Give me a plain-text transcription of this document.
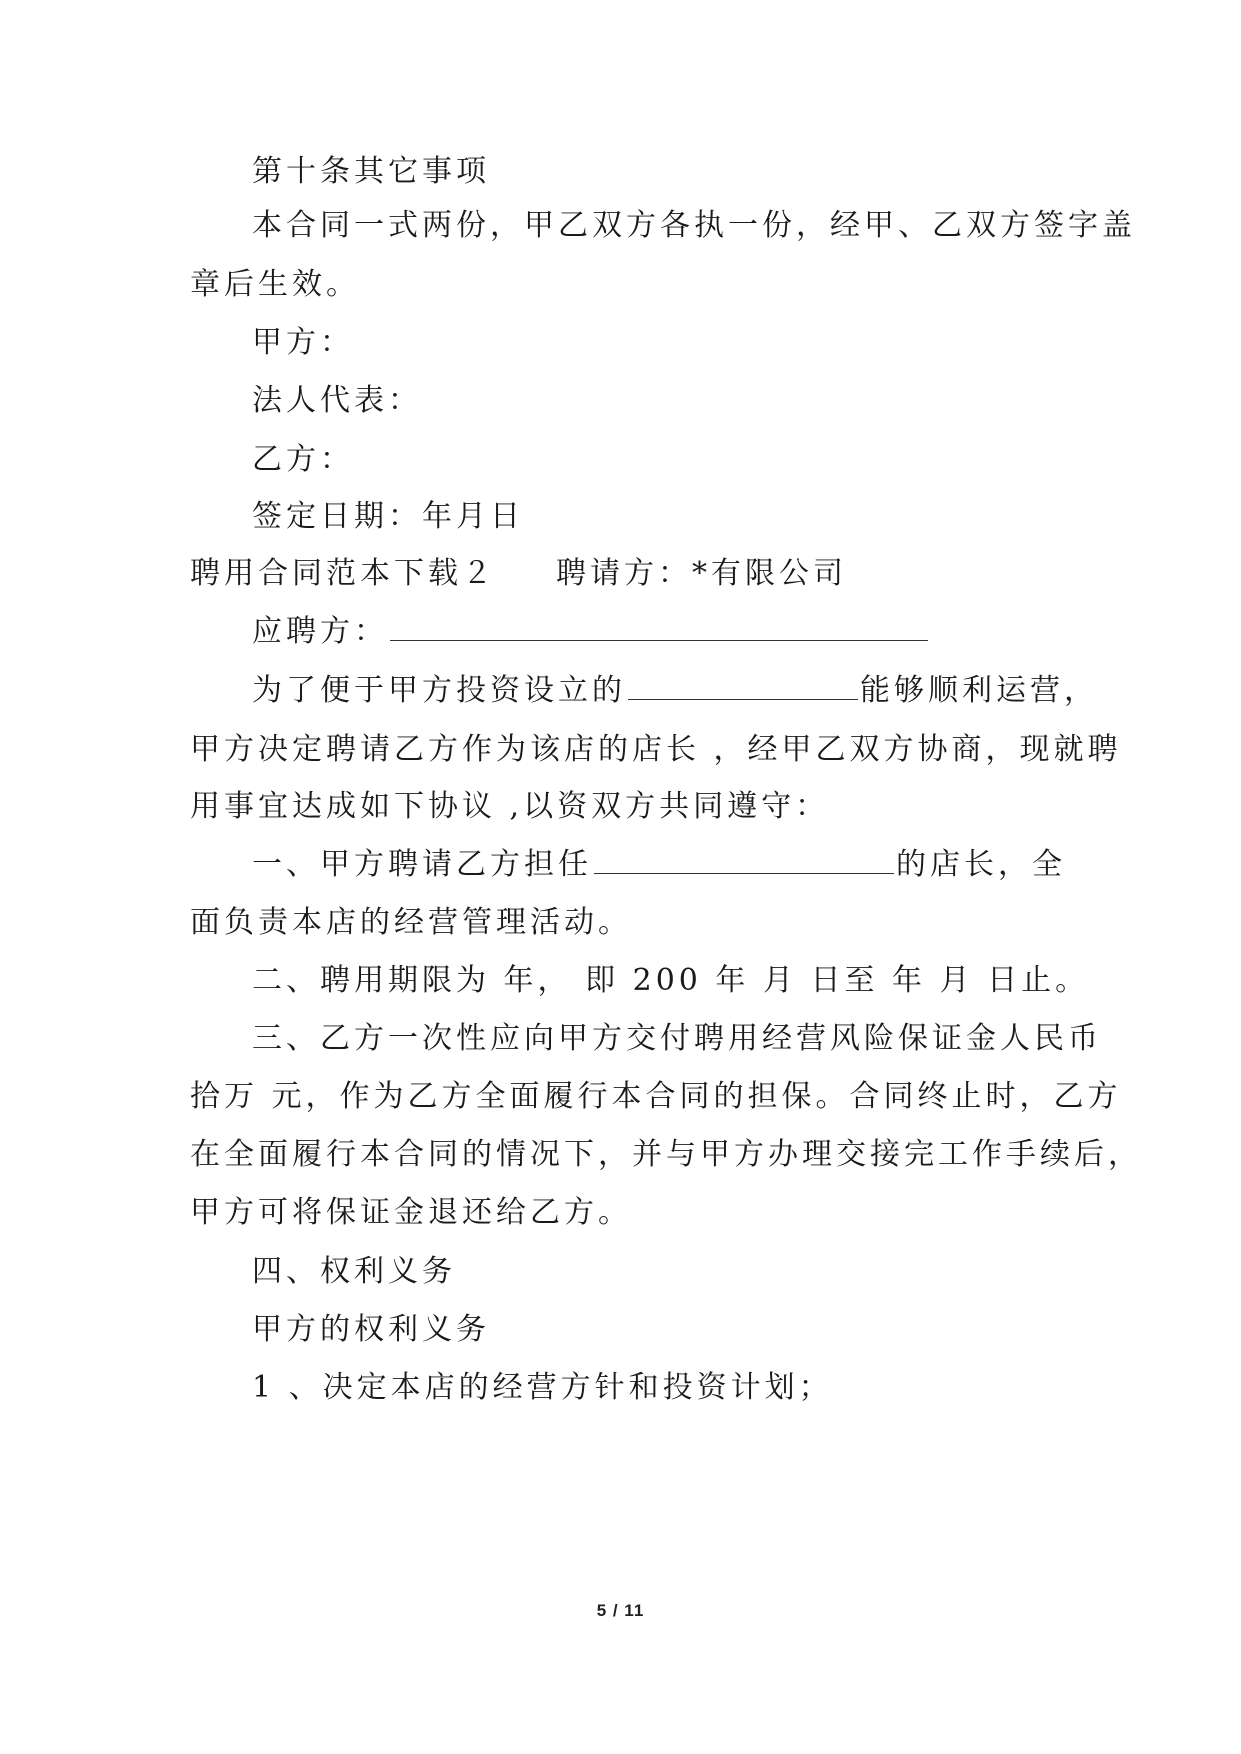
第十条其它事项
本合同一式两份，甲乙双方各执一份，经甲、乙双方签字盖
章后生效。
甲方：
法人代表：
乙方：
签定日期：年月日
聘用合同范本下载２ 聘请方：*有限公司
应聘方：
为了便于甲方投资设立的	能够顺利运营，
甲方决定聘请乙方作为该店的店长 ，经甲乙双方协商，现就聘
用事宜达成如下协议 ,以资双方共同遵守：
一、甲方聘请乙方担任	的店长，全
面负责本店的经营管理活动。
二、聘用期限为 年， 即 200 年 月 日至 年 月 日止。
三、乙方一次性应向甲方交付聘用经营风险保证金人民币
拾万 元，作为乙方全面履行本合同的担保。合同终止时，乙方
在全面履行本合同的情况下，并与甲方办理交接完工作手续后，
甲方可将保证金退还给乙方。
四、权利义务
甲方的权利义务
1 、决定本店的经营方针和投资计划；
5 / 11
